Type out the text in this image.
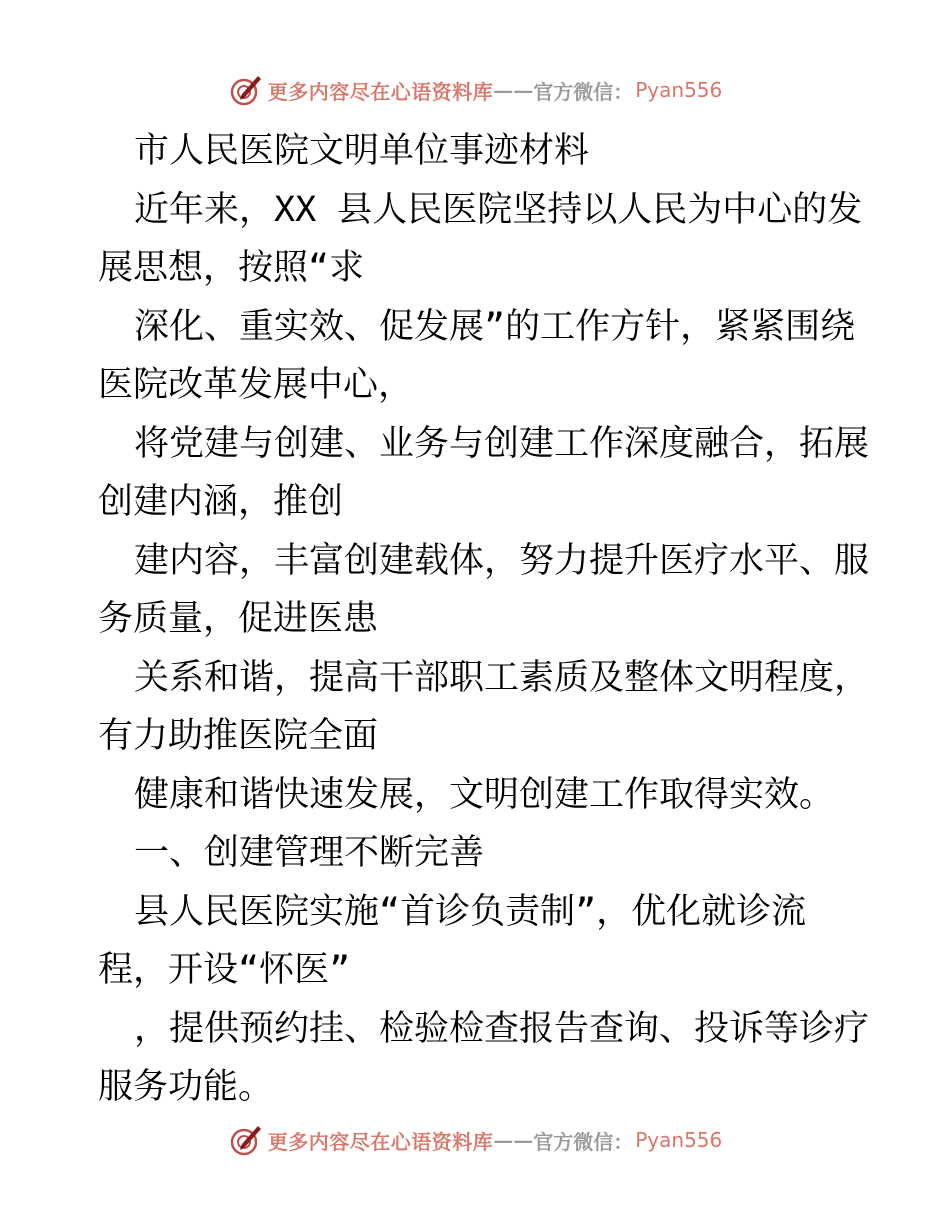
更多内容尽在心语资料库 —— 官方微信： Pyan556

市人民医院文明单位事迹材料

近年来，XX 县人民医院坚持以人民为中心的发

展思想，按照“求

深化、重实效、促发展”的工作方针，紧紧围绕

医院改革发展中心，

将党建与创建、业务与创建工作深度融合，拓展

创建内涵，推创

建内容，丰富创建载体，努力提升医疗水平、服

务质量，促进医患

关系和谐，提高干部职工素质及整体文明程度，

有力助推医院全面

健康和谐快速发展，文明创建工作取得实效。

一、创建管理不断完善

县人民医院实施“首诊负责制”，优化就诊流

程，开设“怀医”

，提供预约挂、检验检查报告查询、投诉等诊疗

服务功能。

更多内容尽在心语资料库 —— 官方微信： Pyan556
